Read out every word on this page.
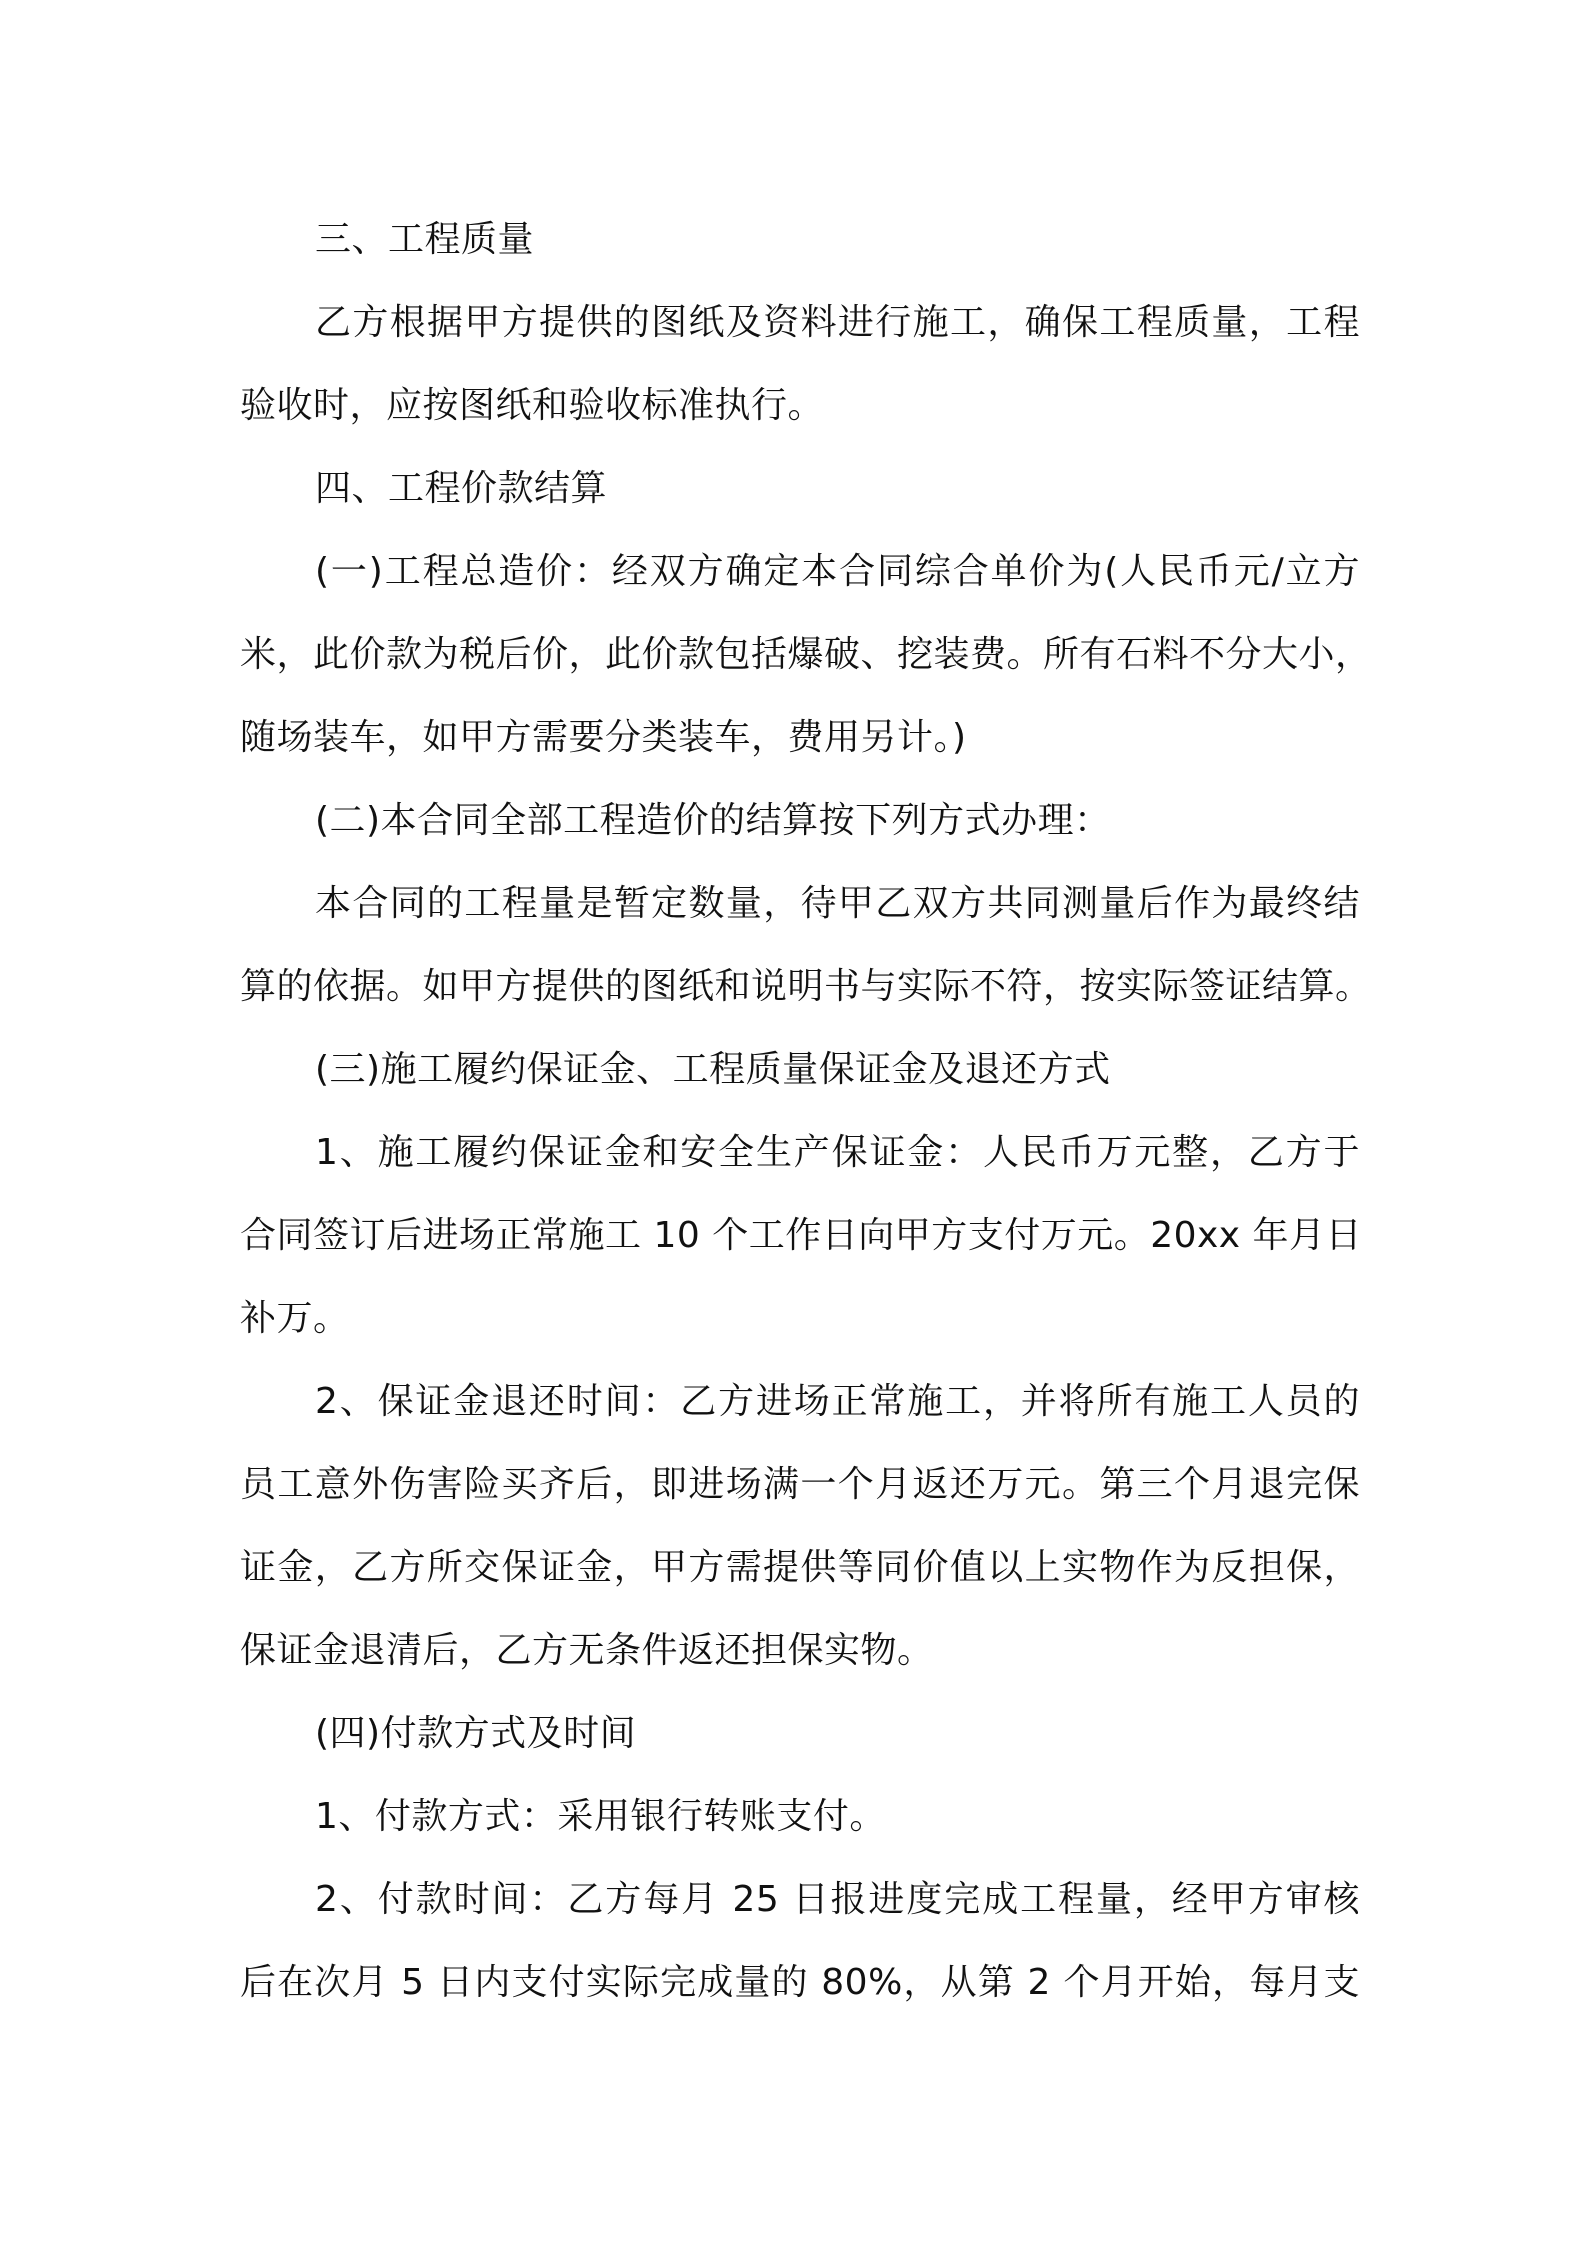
三、工程质量
乙方根据甲方提供的图纸及资料进行施工，确保工程质量，工程
验收时，应按图纸和验收标准执行。
四、工程价款结算
(一)工程总造价：经双方确定本合同综合单价为(人民币元/立方
米，此价款为税后价，此价款包括爆破、挖装费。所有石料不分大小，
随场装车，如甲方需要分类装车，费用另计。)
(二)本合同全部工程造价的结算按下列方式办理：
本合同的工程量是暂定数量，待甲乙双方共同测量后作为最终结
算的依据。如甲方提供的图纸和说明书与实际不符，按实际签证结算。
(三)施工履约保证金、工程质量保证金及退还方式
1、施工履约保证金和安全生产保证金：人民币万元整，乙方于
合同签订后进场正常施工 10 个工作日向甲方支付万元。20xx 年月日
补万。
2、保证金退还时间：乙方进场正常施工，并将所有施工人员的
员工意外伤害险买齐后，即进场满一个月返还万元。第三个月退完保
证金，乙方所交保证金，甲方需提供等同价值以上实物作为反担保，
保证金退清后，乙方无条件返还担保实物。
(四)付款方式及时间
1、付款方式：采用银行转账支付。
2、付款时间：乙方每月 25 日报进度完成工程量，经甲方审核
后在次月 5 日内支付实际完成量的 80%，从第 2 个月开始，每月支
